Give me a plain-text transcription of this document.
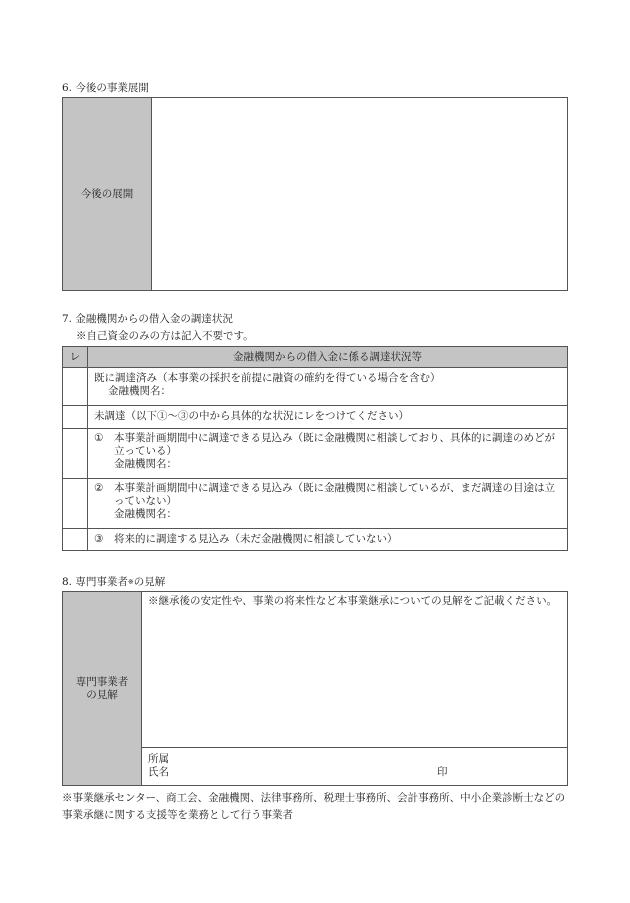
6. 今後の事業展開
今後の展開	
7. 金融機関からの借入金の調達状況
※自己資金のみの方は記入不要です。
レ	金融機関からの借入金に係る調達状況等

	既に調達済み（本事業の採択を前提に融資の確約を得ている場合を含む）
金融機関名：

	未調達（以下①～③の中から具体的な状況にレをつけてください）

	① 本事業計画期間中に調達できる見込み（既に金融機関に相談しており、具体的に調達のめどが立っている）
金融機関名：

	② 本事業計画期間中に調達できる見込み（既に金融機関に相談しているが、まだ調達の目途は立っていない）
金融機関名：

	③ 将来的に調達する見込み（未だ金融機関に相談していない）
8. 専門事業者※の見解
専門事業者
の見解

※継承後の安定性や、事業の将来性など本事業継承についての見解をご記載ください。

所属
氏名	印
※事業継承センター、商工会、金融機関、法律事務所、税理士事務所、会計事務所、中小企業診断士などの事業承継に関する支援等を業務として行う事業者
